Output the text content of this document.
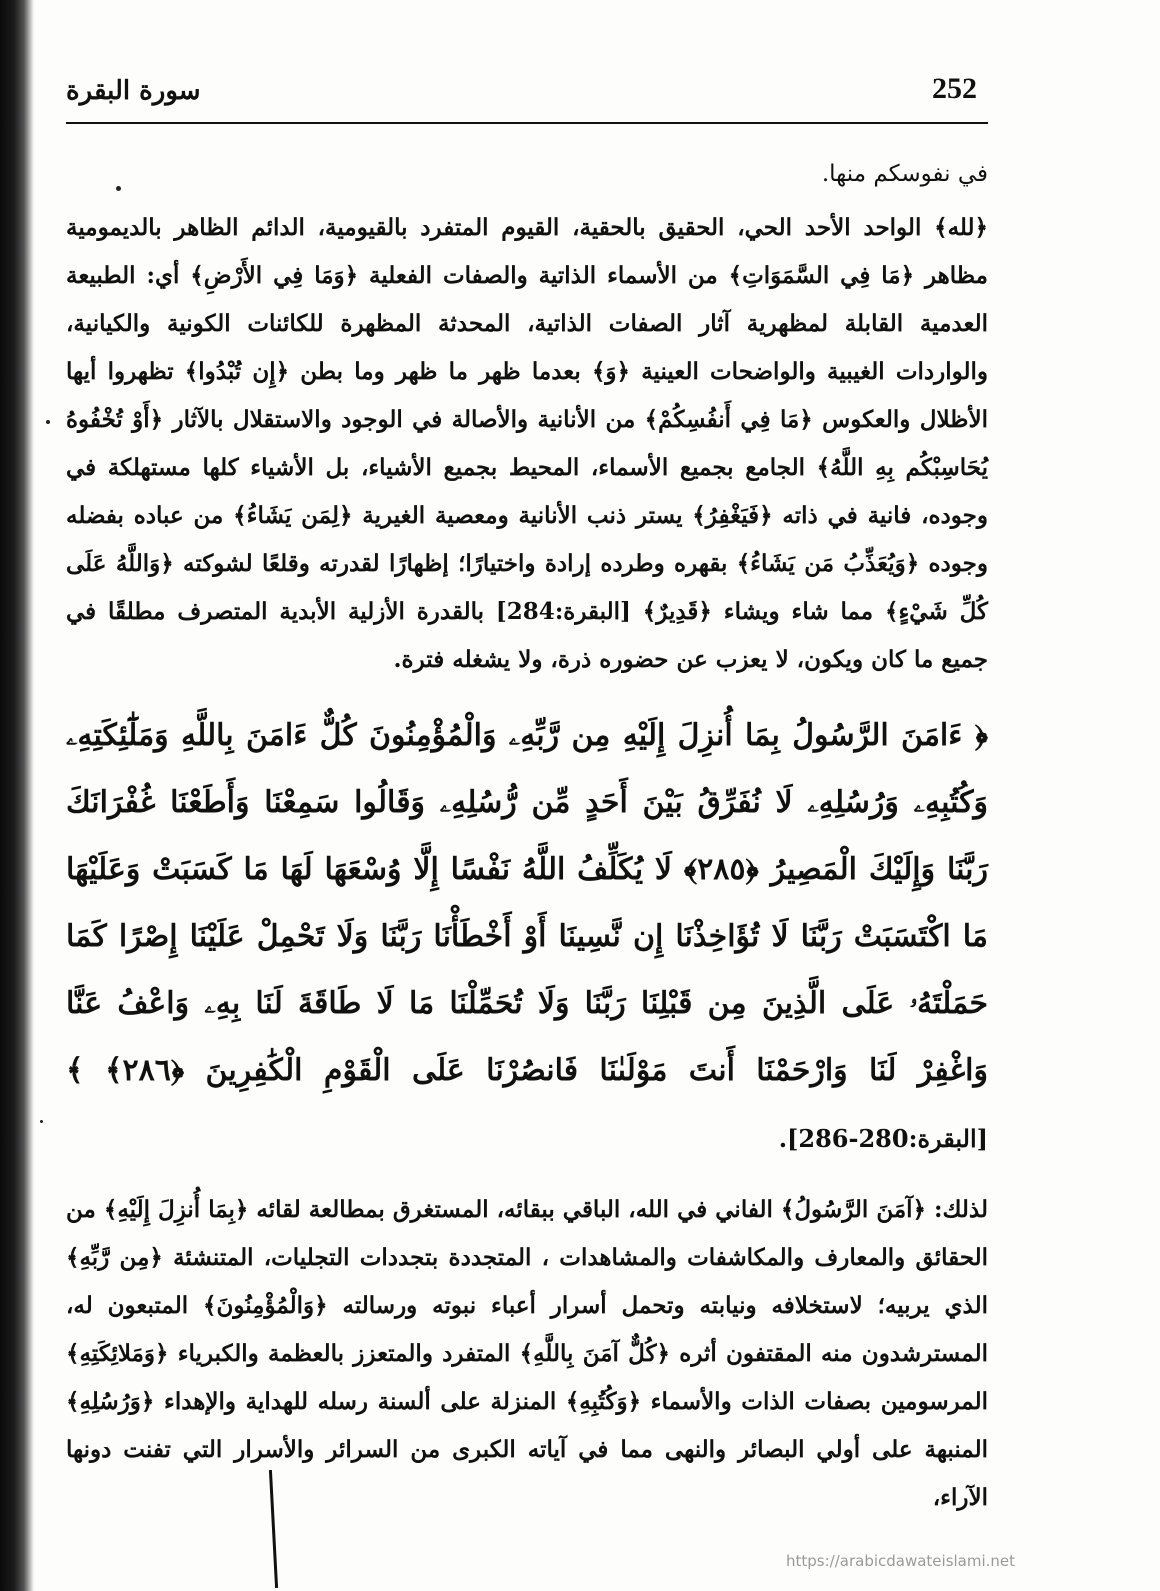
سورة البقرة	252

في نفوسكم منها.

﴿لله﴾ الواحد الأحد الحي، الحقيق بالحقية، القيوم المتفرد بالقيومية، الدائم الظاهر بالديمومية مظاهر ﴿مَا فِي السَّمَوَاتِ﴾ من الأسماء الذاتية والصفات الفعلية ﴿وَمَا فِي الأَرْضِ﴾ أي: الطبيعة العدمية القابلة لمظهرية آثار الصفات الذاتية، المحدثة المظهرة للكائنات الكونية والكيانية، والواردات الغيبية والواضحات العينية ﴿وَ﴾ بعدما ظهر ما ظهر وما بطن ﴿إِن تُبْدُوا﴾ تظهروا أيها الأظلال والعكوس ﴿مَا فِي أَنفُسِكُمْ﴾ من الأنانية والأصالة في الوجود والاستقلال بالآثار ﴿أَوْ تُخْفُوهُ يُحَاسِبْكُم بِهِ اللَّهُ﴾ الجامع بجميع الأسماء، المحيط بجميع الأشياء، بل الأشياء كلها مستهلكة في وجوده، فانية في ذاته ﴿فَيَغْفِرُ﴾ يستر ذنب الأنانية ومعصية الغيرية ﴿لِمَن يَشَاءُ﴾ من عباده بفضله وجوده ﴿وَيُعَذِّبُ مَن يَشَاءُ﴾ بقهره وطرده إرادة واختيارًا؛ إظهارًا لقدرته وقلعًا لشوكته ﴿وَاللَّهُ عَلَى كُلِّ شَيْءٍ﴾ مما شاء ويشاء ﴿قَدِيرٌ﴾ [البقرة:284] بالقدرة الأزلية الأبدية المتصرف مطلقًا في جميع ما كان ويكون، لا يعزب عن حضوره ذرة، ولا يشغله فترة.

﴿ ءَامَنَ الرَّسُولُ بِمَا أُنزِلَ إِلَيْهِ مِن رَّبِّهِۦ وَالْمُؤْمِنُونَ كُلٌّ ءَامَنَ بِاللَّهِ وَمَلَٰٓئِكَتِهِۦ وَكُتُبِهِۦ وَرُسُلِهِۦ لَا نُفَرِّقُ بَيْنَ أَحَدٍ مِّن رُّسُلِهِۦ وَقَالُوا سَمِعْنَا وَأَطَعْنَا غُفْرَانَكَ رَبَّنَا وَإِلَيْكَ الْمَصِيرُ ﴿٢٨٥﴾ لَا يُكَلِّفُ اللَّهُ نَفْسًا إِلَّا وُسْعَهَا لَهَا مَا كَسَبَتْ وَعَلَيْهَا مَا اكْتَسَبَتْ رَبَّنَا لَا تُؤَاخِذْنَا إِن نَّسِينَا أَوْ أَخْطَأْنَا رَبَّنَا وَلَا تَحْمِلْ عَلَيْنَا إِصْرًا كَمَا حَمَلْتَهُۥ عَلَى الَّذِينَ مِن قَبْلِنَا رَبَّنَا وَلَا تُحَمِّلْنَا مَا لَا طَاقَةَ لَنَا بِهِۦ وَاعْفُ عَنَّا وَاغْفِرْ لَنَا وَارْحَمْنَا أَنتَ مَوْلَىٰنَا فَانصُرْنَا عَلَى الْقَوْمِ الْكَٰفِرِينَ ﴿٢٨٦﴾ ﴾ [البقرة:280-286].

لذلك: ﴿آمَنَ الرَّسُولُ﴾ الفاني في الله، الباقي ببقائه، المستغرق بمطالعة لقائه ﴿بِمَا أُنزِلَ إِلَيْهِ﴾ من الحقائق والمعارف والمكاشفات والمشاهدات ، المتجددة بتجددات التجليات، المتنشئة ﴿مِن رَّبِّهِ﴾ الذي يربيه؛ لاستخلافه ونيابته وتحمل أسرار أعباء نبوته ورسالته ﴿وَالْمُؤْمِنُونَ﴾ المتبعون له، المسترشدون منه المقتفون أثره ﴿كُلٌّ آمَنَ بِاللَّهِ﴾ المتفرد والمتعزز بالعظمة والكبرياء ﴿وَمَلائِكَتِهِ﴾ المرسومين بصفات الذات والأسماء ﴿وَكُتُبِهِ﴾ المنزلة على ألسنة رسله للهداية والإهداء ﴿وَرُسُلِهِ﴾ المنبهة على أولي البصائر والنهى مما في آياته الكبرى من السرائر والأسرار التي تفنت دونها الآراء،

https://arabicdawateislami.net
